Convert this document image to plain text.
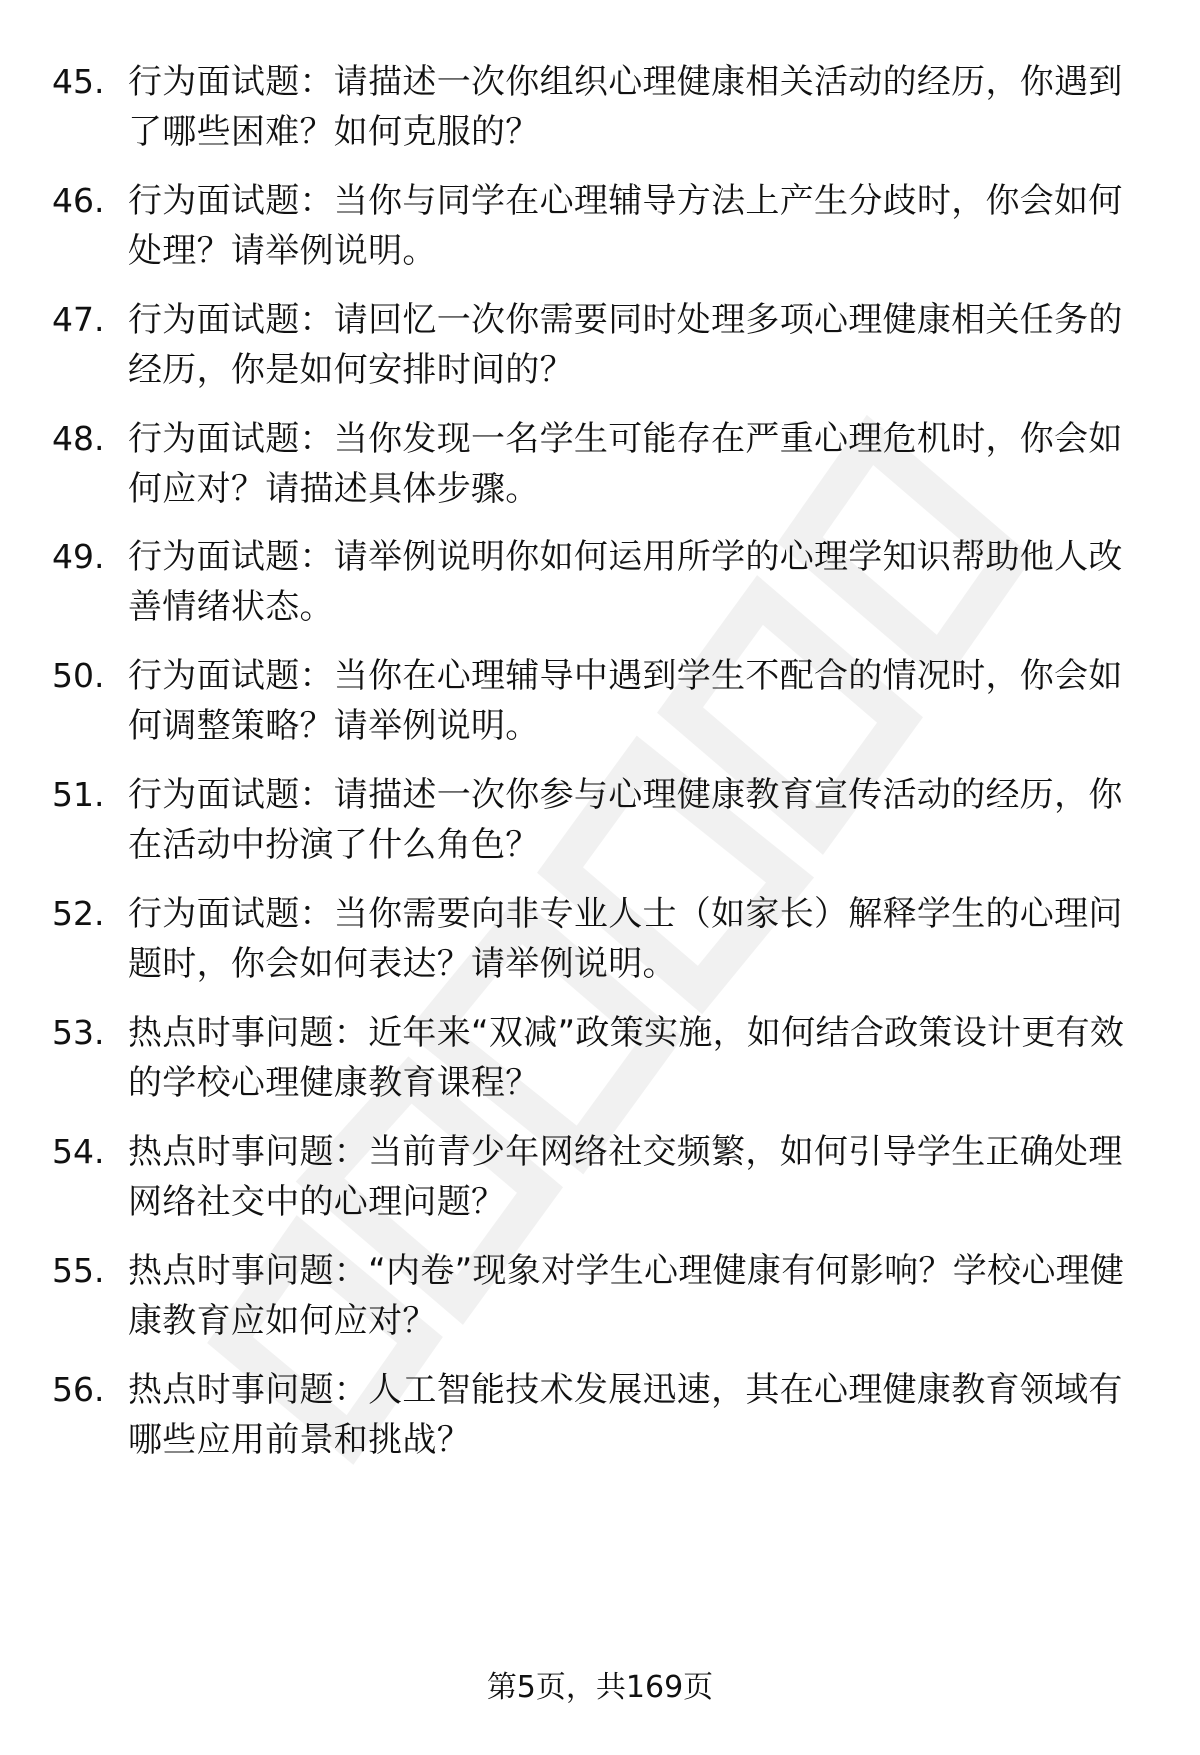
45. 行为面试题：请描述一次你组织心理健康相关活动的经历，你遇到了哪些困难？如何克服的？
46. 行为面试题：当你与同学在心理辅导方法上产生分歧时，你会如何处理？请举例说明。
47. 行为面试题：请回忆一次你需要同时处理多项心理健康相关任务的经历，你是如何安排时间的？
48. 行为面试题：当你发现一名学生可能存在严重心理危机时，你会如何应对？请描述具体步骤。
49. 行为面试题：请举例说明你如何运用所学的心理学知识帮助他人改善情绪状态。
50. 行为面试题：当你在心理辅导中遇到学生不配合的情况时，你会如何调整策略？请举例说明。
51. 行为面试题：请描述一次你参与心理健康教育宣传活动的经历，你在活动中扮演了什么角色？
52. 行为面试题：当你需要向非专业人士（如家长）解释学生的心理问题时，你会如何表达？请举例说明。
53. 热点时事问题：近年来“双减”政策实施，如何结合政策设计更有效的学校心理健康教育课程？
54. 热点时事问题：当前青少年网络社交频繁，如何引导学生正确处理网络社交中的心理问题？
55. 热点时事问题：“内卷”现象对学生心理健康有何影响？学校心理健康教育应如何应对？
56. 热点时事问题：人工智能技术发展迅速，其在心理健康教育领域有哪些应用前景和挑战？
第5页，共169页
